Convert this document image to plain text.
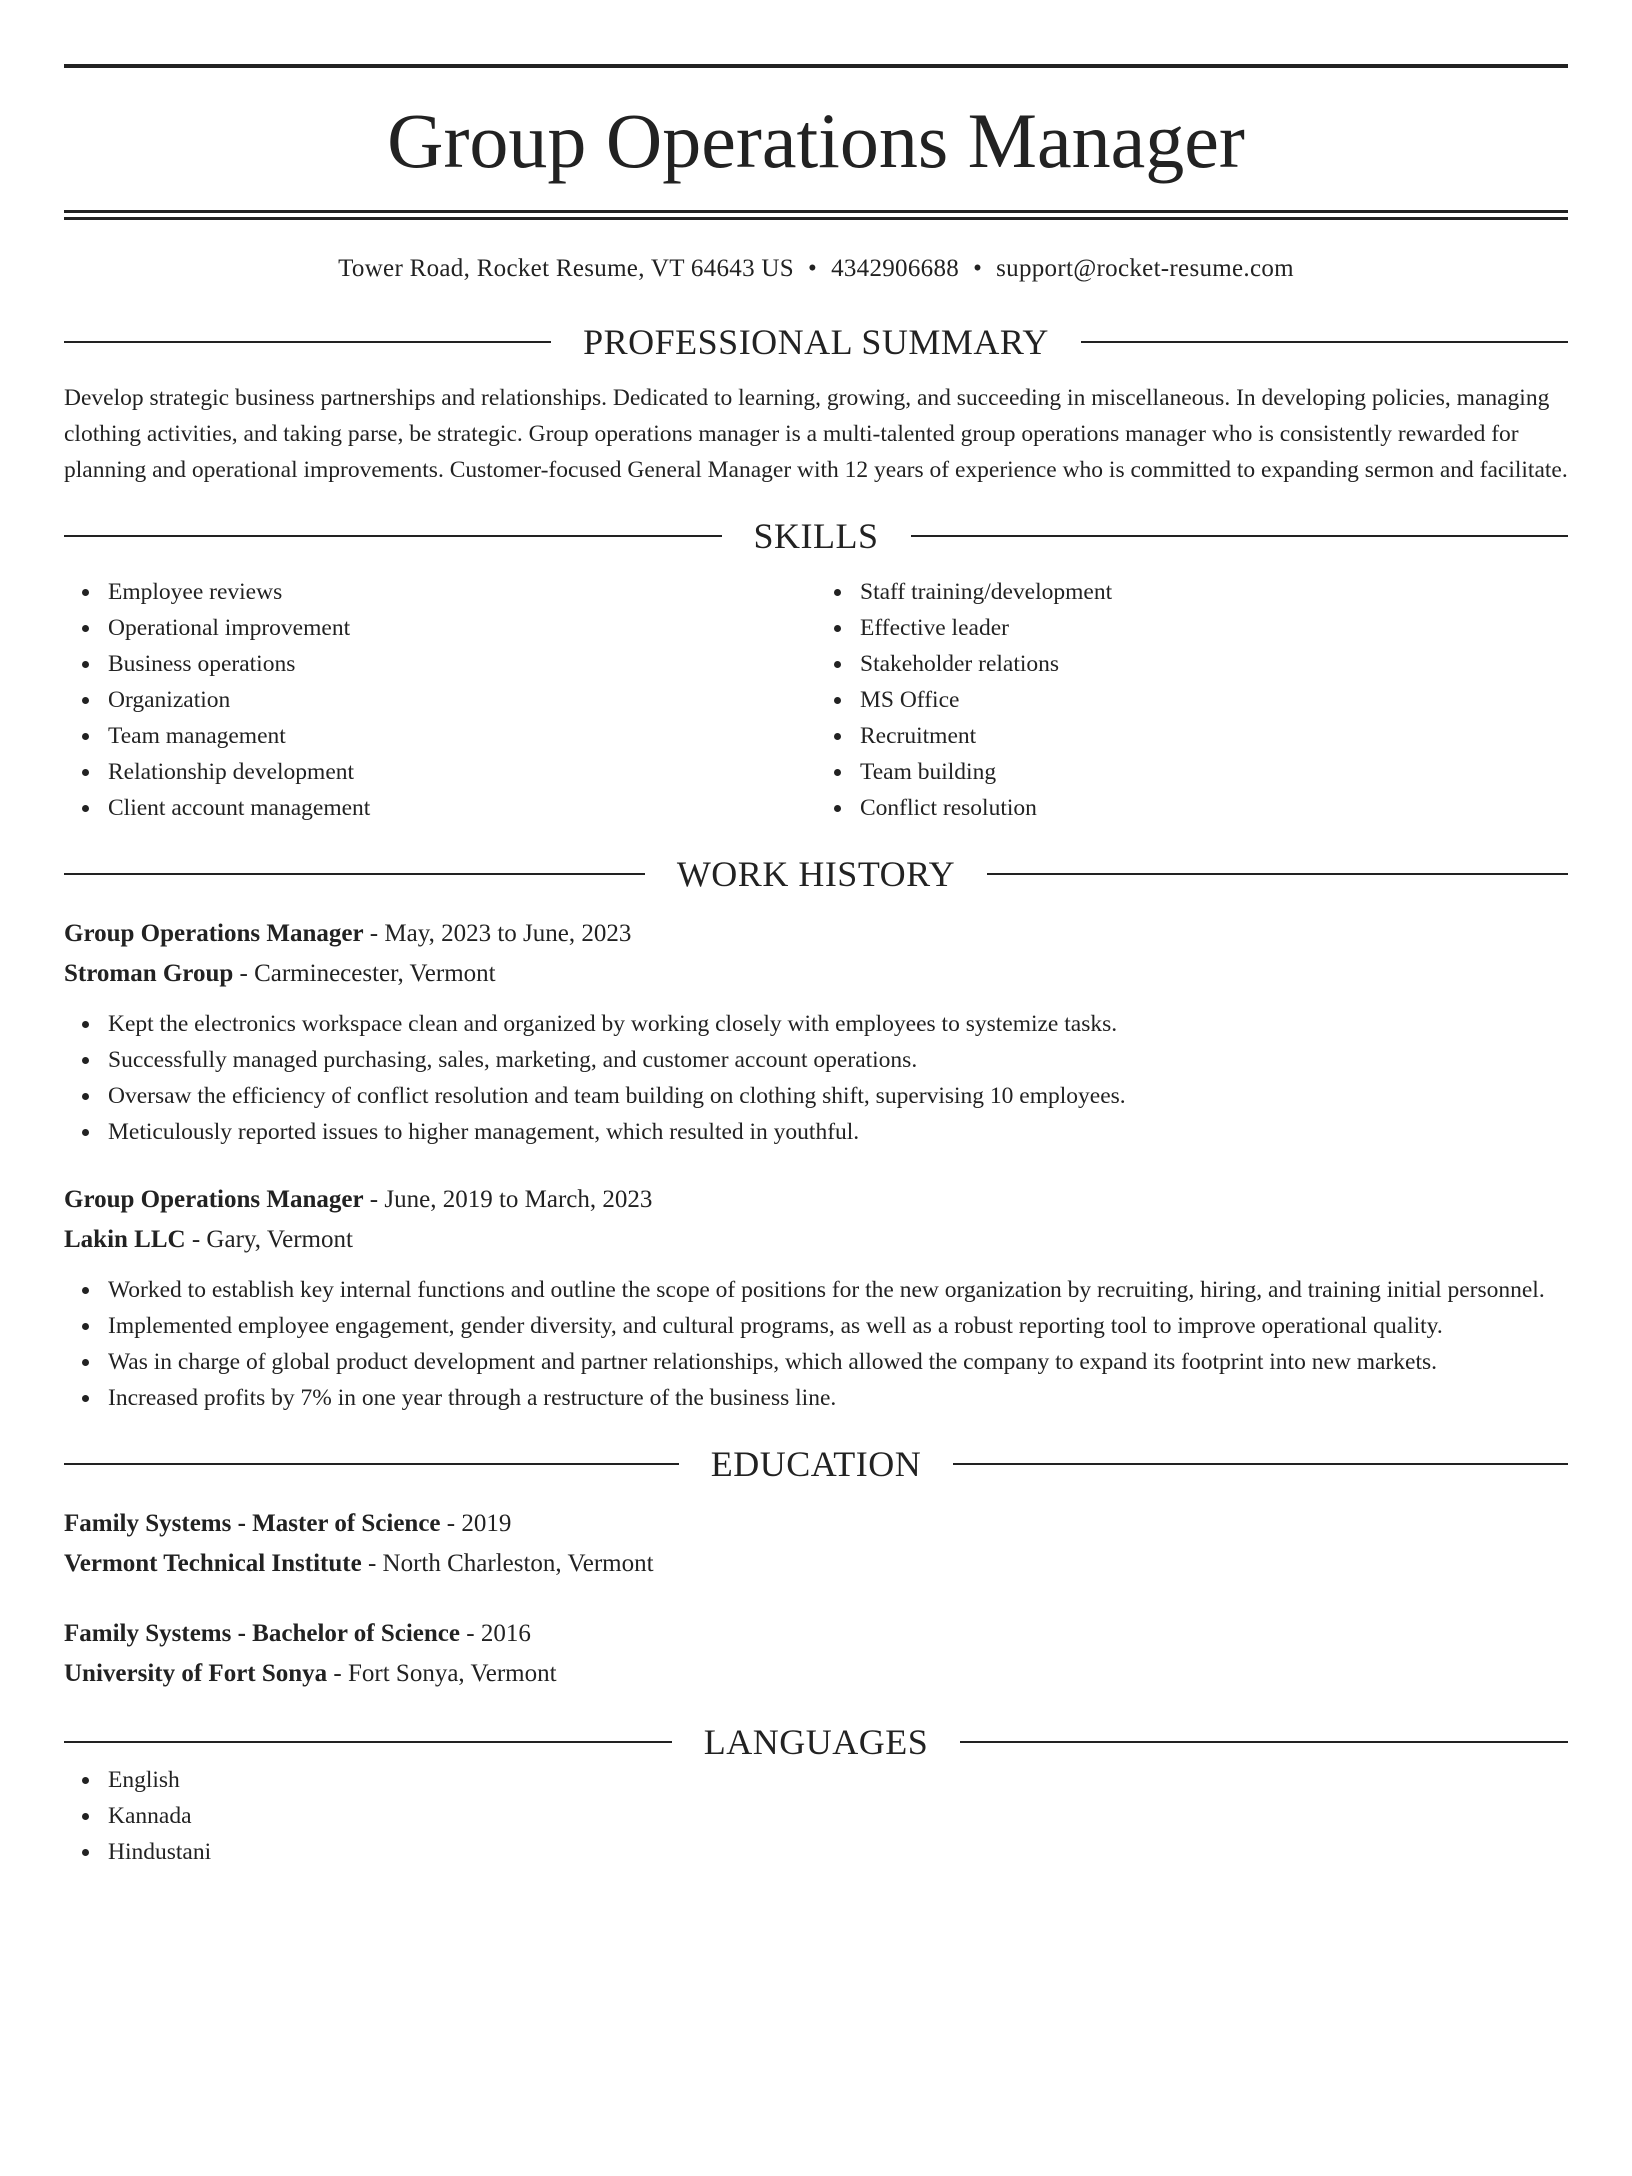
Group Operations Manager
Tower Road, Rocket Resume, VT 64643 US • 4342906688 • support@rocket-resume.com
PROFESSIONAL SUMMARY

Develop strategic business partnerships and relationships. Dedicated to learning, growing, and succeeding in miscellaneous. In developing policies, managing clothing activities, and taking parse, be strategic. Group operations manager is a multi-talented group operations manager who is consistently rewarded for planning and operational improvements. Customer-focused General Manager with 12 years of experience who is committed to expanding sermon and facilitate.

SKILLS
Employee reviews
Operational improvement
Business operations
Organization
Team management
Relationship development
Client account management
Staff training/development
Effective leader
Stakeholder relations
MS Office
Recruitment
Team building
Conflict resolution
WORK HISTORY
Group Operations Manager - May, 2023 to June, 2023
Stroman Group - Carminecester, Vermont
Kept the electronics workspace clean and organized by working closely with employees to systemize tasks.
Successfully managed purchasing, sales, marketing, and customer account operations.
Oversaw the efficiency of conflict resolution and team building on clothing shift, supervising 10 employees.
Meticulously reported issues to higher management, which resulted in youthful.
Group Operations Manager - June, 2019 to March, 2023
Lakin LLC - Gary, Vermont
Worked to establish key internal functions and outline the scope of positions for the new organization by recruiting, hiring, and training initial personnel.
Implemented employee engagement, gender diversity, and cultural programs, as well as a robust reporting tool to improve operational quality.
Was in charge of global product development and partner relationships, which allowed the company to expand its footprint into new markets.
Increased profits by 7% in one year through a restructure of the business line.
EDUCATION
Family Systems - Master of Science - 2019
Vermont Technical Institute - North Charleston, Vermont
Family Systems - Bachelor of Science - 2016
University of Fort Sonya - Fort Sonya, Vermont
LANGUAGES
English
Kannada
Hindustani
